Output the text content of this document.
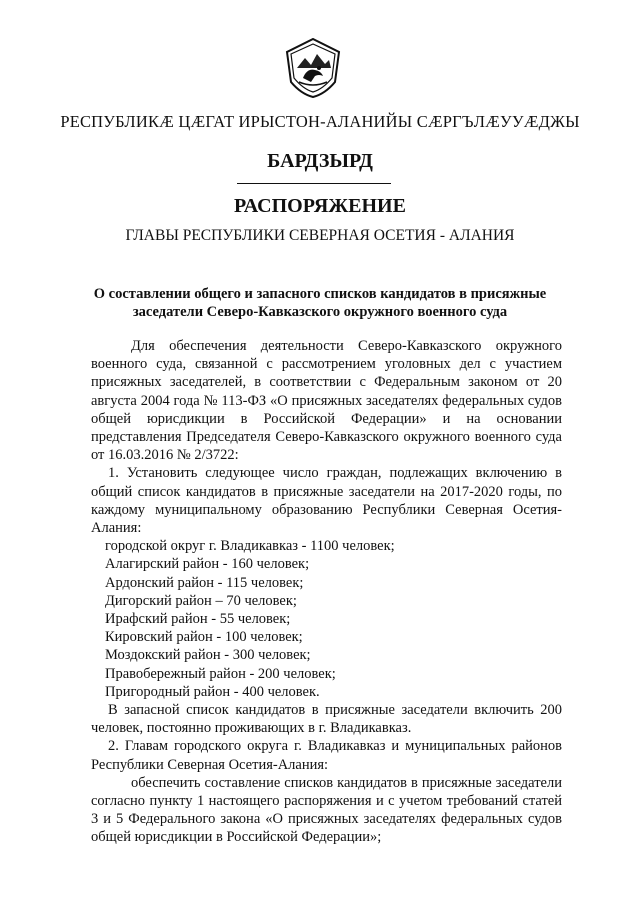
РЕСПУБЛИКӔ ЦӔГАТ ИРЫСТОН-АЛАНИЙЫ СӔРГЪЛӔУУӔДЖЫ
БАРДЗЫРД
РАСПОРЯЖЕНИЕ
ГЛАВЫ РЕСПУБЛИКИ СЕВЕРНАЯ ОСЕТИЯ - АЛАНИЯ
О составлении общего и запасного списков кандидатов в присяжные
заседатели Северо-Кавказского окружного военного суда

Для обеспечения деятельности Северо-Кавказского окружного военного суда, связанной с рассмотрением уголовных дел с участием присяжных заседателей, в соответствии с Федеральным законом от 20 августа 2004 года № 113-ФЗ «О присяжных заседателях федеральных судов общей юрисдикции в Российской Федерации» и на основании представления Председателя Северо-Кавказского окружного военного суда от 16.03.2016 № 2/3722:

1. Установить следующее число граждан, подлежащих включению в общий список кандидатов в присяжные заседатели на 2017-2020 годы, по каждому муниципальному образованию Республики Северная Осетия-Алания:

городской округ г. Владикавказ - 1100 человек;

Алагирский район - 160 человек;

Ардонский район - 115 человек;

Дигорский район – 70 человек;

Ирафский район - 55 человек;

Кировский район - 100 человек;

Моздокский район - 300 человек;

Правобережный район - 200 человек;

Пригородный район - 400 человек.

В запасной список кандидатов в присяжные заседатели включить 200 человек, постоянно проживающих в г. Владикавказ.

2. Главам городского округа г. Владикавказ и муниципальных районов Республики Северная Осетия-Алания:

обеспечить составление списков кандидатов в присяжные заседатели согласно пункту 1 настоящего распоряжения и с учетом требований статей 3 и 5 Федерального закона «О присяжных заседателях федеральных судов общей юрисдикции в Российской Федерации»;
